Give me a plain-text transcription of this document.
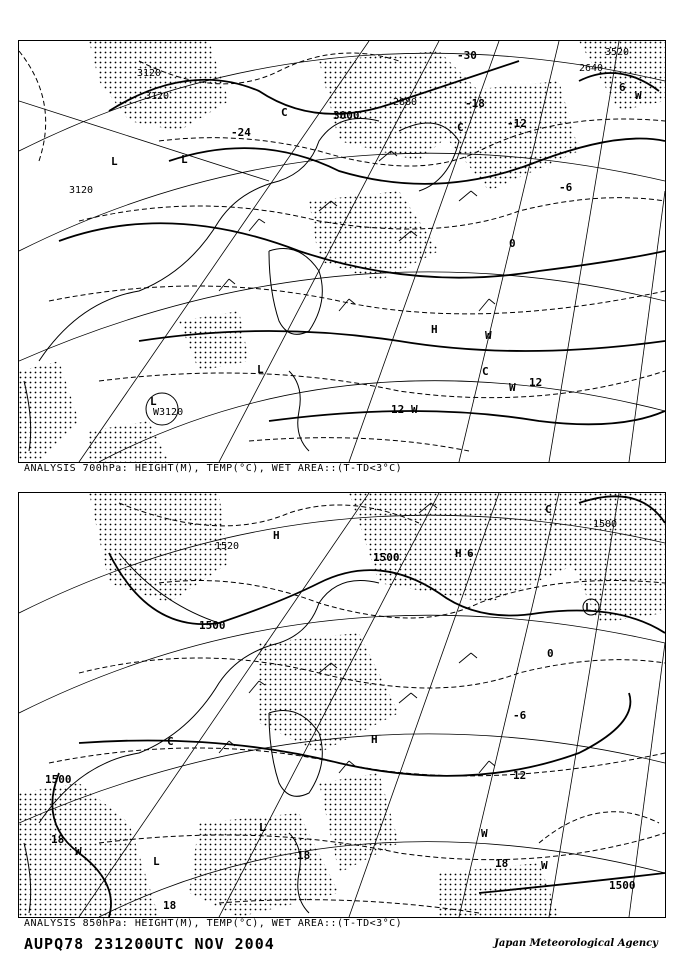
3120
3120
3120
3000
2880
2640
3520
W3120
-30
-24
-18
-12
-6
0
6
12
12
C
L
L
L
H	W
W
W
C
L
C
W
ANALYSIS 700hPa: HEIGHT(M), TEMP(°C), WET AREA::(T-TD<3°C)
1500
1500
1500
1500
1520
1500
-6
0
6
12
18
18
18
18
C
H
L
H
L
W
W
W
C
H
L
ANALYSIS 850hPa: HEIGHT(M), TEMP(°C), WET AREA::(T-TD<3°C)
AUPQ78 231200UTC NOV 2004	Japan Meteorological Agency
